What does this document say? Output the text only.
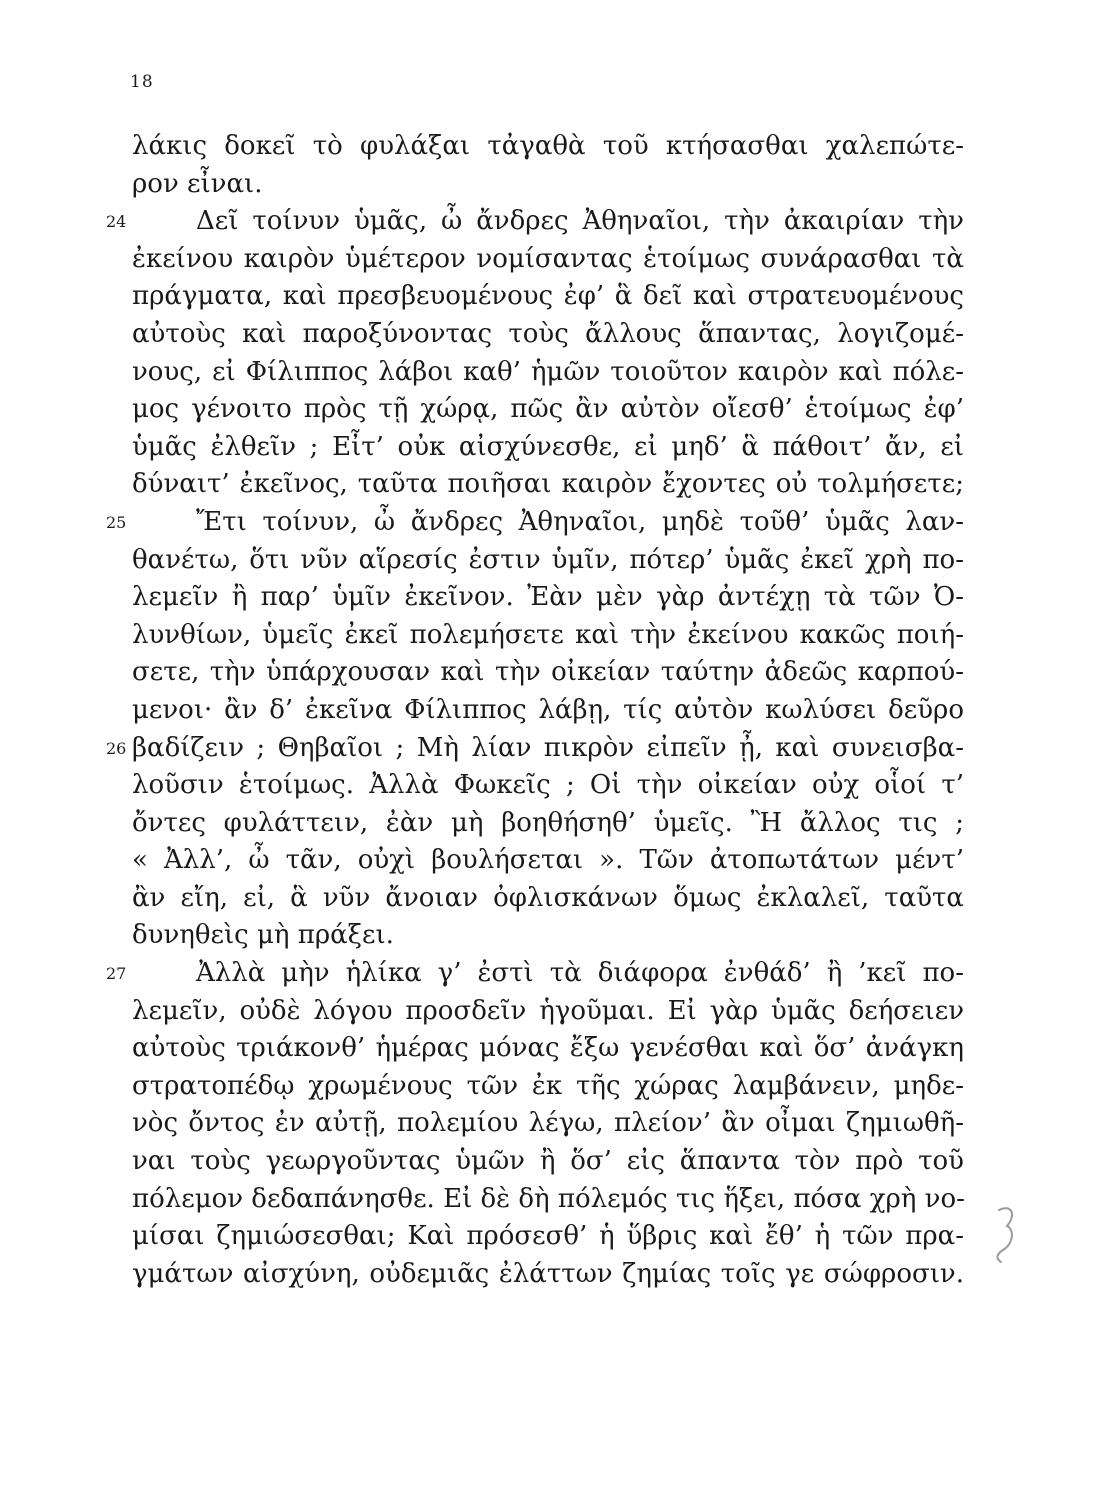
18
λάκις δοκεῖ τὸ φυλάξαι τἀγαθὰ τοῦ κτήσασθαι χαλεπώτε-
ρον εἶναι.
24	Δεῖ τοίνυν ὑμᾶς, ὦ ἄνδρες Ἀθηναῖοι, τὴν ἀκαιρίαν τὴν
ἐκείνου καιρὸν ὑμέτερον νομίσαντας ἑτοίμως συνάρασθαι τὰ
πράγματα, καὶ πρεσβευομένους ἐφ’ ἃ δεῖ καὶ στρατευομένους
αὐτοὺς καὶ παροξύνοντας τοὺς ἄλλους ἅπαντας, λογιζομέ-
νους, εἰ Φίλιππος λάβοι καθ’ ἡμῶν τοιοῦτον καιρὸν καὶ πόλε-
μος γένοιτο πρὸς τῇ χώρᾳ, πῶς ἂν αὐτὸν οἴεσθ’ ἑτοίμως ἐφ’
ὑμᾶς ἐλθεῖν ; Εἶτ’ οὐκ αἰσχύνεσθε, εἰ μηδ’ ἃ πάθοιτ’ ἄν, εἰ
δύναιτ’ ἐκεῖνος, ταῦτα ποιῆσαι καιρὸν ἔχοντες οὐ τολμήσετε;
25	Ἔτι τοίνυν, ὦ ἄνδρες Ἀθηναῖοι, μηδὲ τοῦθ’ ὑμᾶς λαν-
θανέτω, ὅτι νῦν αἵρεσίς ἐστιν ὑμῖν, πότερ’ ὑμᾶς ἐκεῖ χρὴ πο-
λεμεῖν ἢ παρ’ ὑμῖν ἐκεῖνον. Ἐὰν μὲν γὰρ ἀντέχῃ τὰ τῶν Ὀ-
λυνθίων, ὑμεῖς ἐκεῖ πολεμήσετε καὶ τὴν ἐκείνου κακῶς ποιή-
σετε, τὴν ὑπάρχουσαν καὶ τὴν οἰκείαν ταύτην ἀδεῶς καρπού-
μενοι· ἂν δ’ ἐκεῖνα Φίλιππος λάβῃ, τίς αὐτὸν κωλύσει δεῦρο
26 βαδίζειν ; Θηβαῖοι ; Μὴ λίαν πικρὸν εἰπεῖν ᾖ, καὶ συνεισβα-
λοῦσιν ἑτοίμως. Ἀλλὰ Φωκεῖς ; Οἱ τὴν οἰκείαν οὐχ οἷοί τ’
ὄντες φυλάττειν, ἐὰν μὴ βοηθήσηθ’ ὑμεῖς. Ἢ ἄλλος τις ;
« Ἀλλ’, ὦ τᾶν, οὐχὶ βουλήσεται ». Τῶν ἀτοπωτάτων μέντ’
ἂν εἴη, εἰ, ἃ νῦν ἄνοιαν ὀφλισκάνων ὅμως ἐκλαλεῖ, ταῦτα
δυνηθεὶς μὴ πράξει.
27	Ἀλλὰ μὴν ἡλίκα γ’ ἐστὶ τὰ διάφορα ἐνθάδ’ ἢ ’κεῖ πο-
λεμεῖν, οὐδὲ λόγου προσδεῖν ἡγοῦμαι. Εἰ γὰρ ὑμᾶς δεήσειεν
αὐτοὺς τριάκονθ’ ἡμέρας μόνας ἔξω γενέσθαι καὶ ὅσ’ ἀνάγκη
στρατοπέδῳ χρωμένους τῶν ἐκ τῆς χώρας λαμβάνειν, μηδε-
νὸς ὄντος ἐν αὐτῇ, πολεμίου λέγω, πλείον’ ἂν οἶμαι ζημιωθῆ-
ναι τοὺς γεωργοῦντας ὑμῶν ἢ ὅσ’ εἰς ἅπαντα τὸν πρὸ τοῦ
πόλεμον δεδαπάνησθε. Εἰ δὲ δὴ πόλεμός τις ἥξει, πόσα χρὴ νο-
μίσαι ζημιώσεσθαι; Καὶ πρόσεσθ’ ἡ ὕβρις καὶ ἔθ’ ἡ τῶν πρα-
γμάτων αἰσχύνη, οὐδεμιᾶς ἐλάττων ζημίας τοῖς γε σώφροσιν.
